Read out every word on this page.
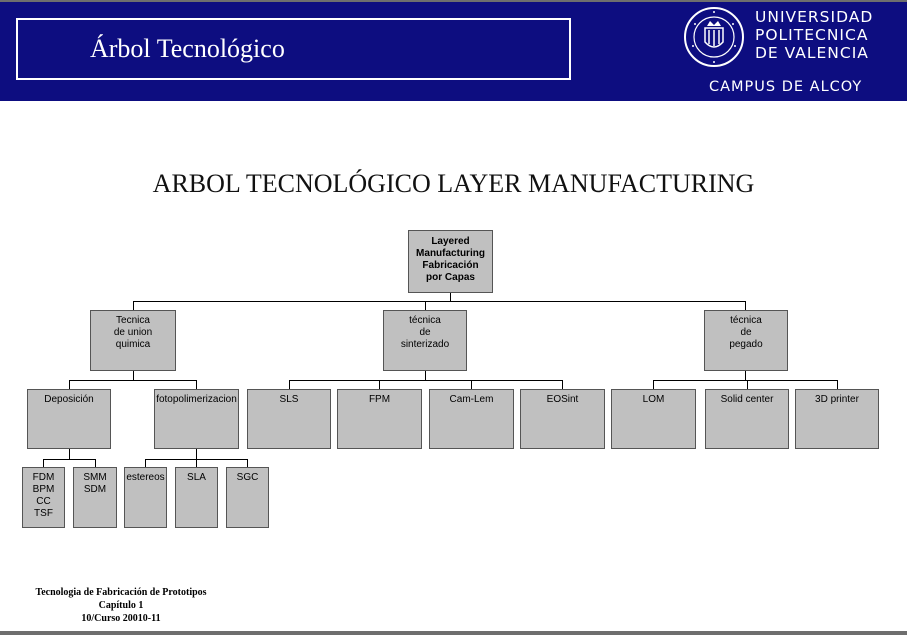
Árbol Tecnológico
UNIVERSIDAD
POLITECNICA
DE VALENCIA
CAMPUS DE ALCOY
ARBOL TECNOLÓGICO LAYER MANUFACTURING
Layered
Manufacturing
Fabricación
por Capas
Tecnica
de union
quimica
técnica
de
sinterizado
técnica
de
pegado
Deposición	fotopolimerizacion	SLS	FPM	Cam-Lem	EOSint	LOM	Solid center	3D printer
FDM
BPM
CC
TSF
SMM
SDM
estereos	SLA	SGC
Tecnologia de Fabricación de Prototipos
Capítulo 1
10/Curso 20010-11
